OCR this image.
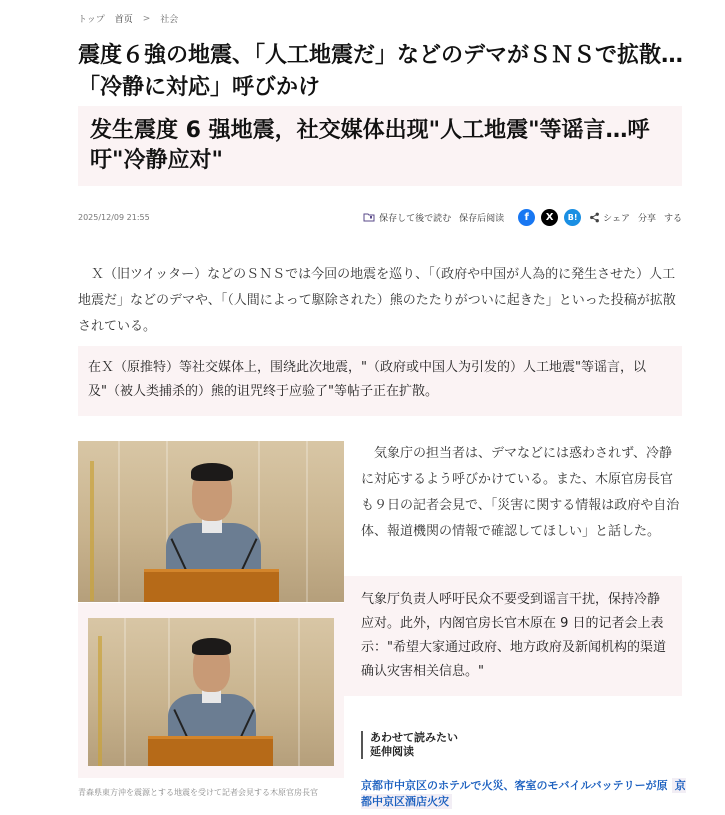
トップ 首页 > 社会
震度６強の地震、「人工地震だ」などのデマがＳＮＳで拡散…「冷静に対応」呼びかけ
发生震度 6 强地震，社交媒体出现"人工地震"等谣言…呼吁"冷静应对"
2025/12/09 21:55	保存して後で読む 保存后阅读	f	X	B!	シェア 分享 する

Ｘ（旧ツイッター）などのＳＮＳでは今回の地震を巡り、「（政府や中国が人為的に発生させた）人工地震だ」などのデマや、「（人間によって駆除された）熊のたたりがついに起きた」といった投稿が拡散されている。

在Ｘ（原推特）等社交媒体上，围绕此次地震，"（政府或中国人为引发的）人工地震"等谣言，以及"（被人类捕杀的）熊的诅咒终于应验了"等帖子正在扩散。
青森県東方沖を震源とする地震を受けて記者会見する木原官房長官

気象庁の担当者は、デマなどには惑わされず、冷静に対応するよう呼びかけている。また、木原官房長官も９日の記者会見で、「災害に関する情報は政府や自治体、報道機関の情報で確認してほしい」と話した。

气象厅负责人呼吁民众不要受到谣言干扰，保持冷静应对。此外，内阁官房长官木原在 9 日的记者会上表示："希望大家通过政府、地方政府及新闻机构的渠道确认灾害相关信息。"
あわせて読みたい
延伸阅读
京都市中京区のホテルで火災、客室のモバイルバッテリーが原 京都中京区酒店火灾
